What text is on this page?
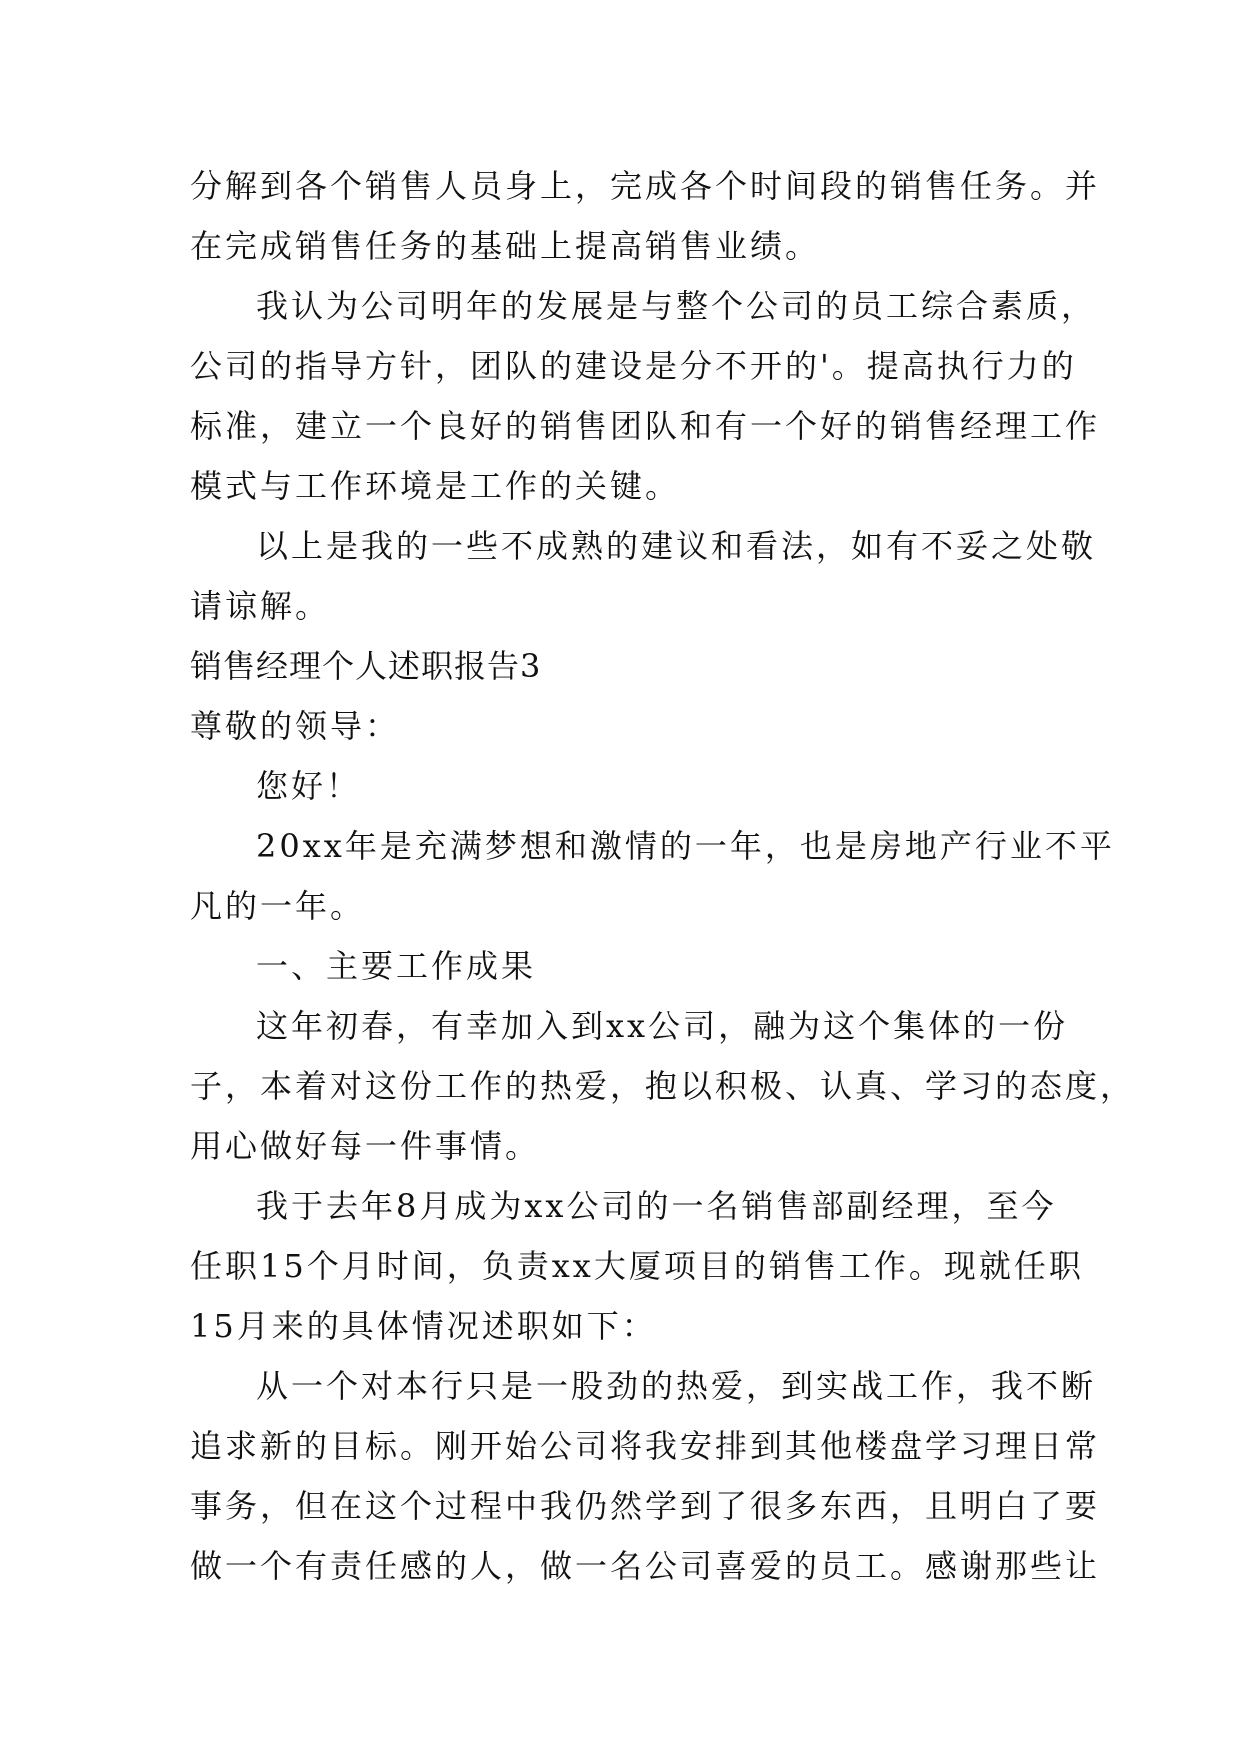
分解到各个销售人员身上，完成各个时间段的销售任务。并
在完成销售任务的基础上提高销售业绩。
我认为公司明年的发展是与整个公司的员工综合素质，
公司的指导方针，团队的建设是分不开的'。提高执行力的
标准，建立一个良好的销售团队和有一个好的销售经理工作
模式与工作环境是工作的关键。
以上是我的一些不成熟的建议和看法，如有不妥之处敬
请谅解。
销售经理个人述职报告3
尊敬的领导：
您好！
20xx年是充满梦想和激情的一年，也是房地产行业不平
凡的一年。
一、主要工作成果
这年初春，有幸加入到xx公司，融为这个集体的一份
子，本着对这份工作的热爱，抱以积极、认真、学习的态度，
用心做好每一件事情。
我于去年8月成为xx公司的一名销售部副经理，至今
任职15个月时间，负责xx大厦项目的销售工作。现就任职
15月来的具体情况述职如下：
从一个对本行只是一股劲的热爱，到实战工作，我不断
追求新的目标。刚开始公司将我安排到其他楼盘学习理日常
事务，但在这个过程中我仍然学到了很多东西，且明白了要
做一个有责任感的人，做一名公司喜爱的员工。感谢那些让
